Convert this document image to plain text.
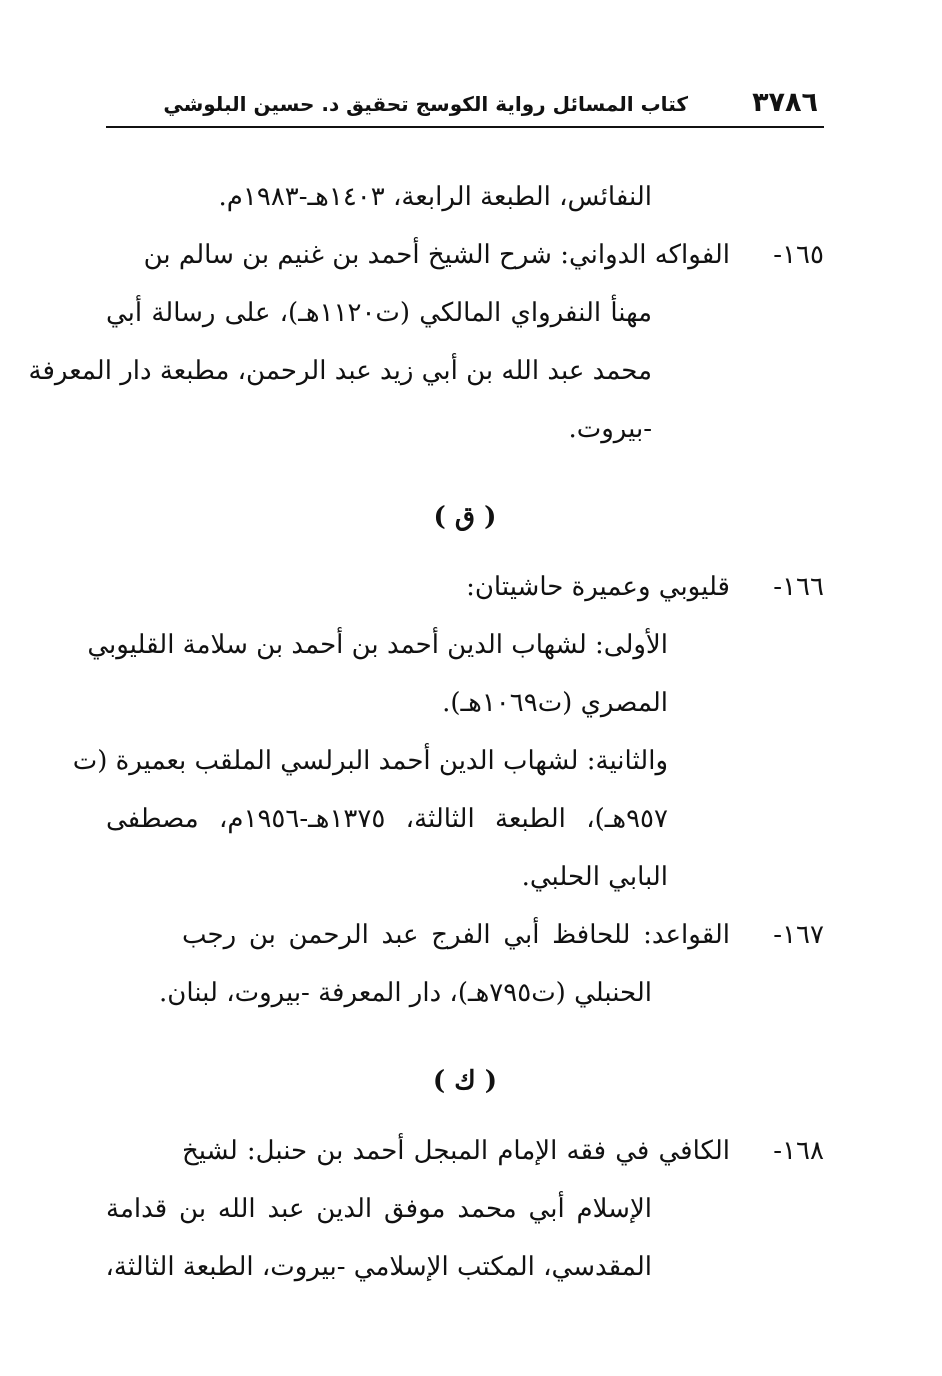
٣٧٨٦
كتاب المسائل رواية الكوسج تحقيق د. حسين البلوشي
النفائس، الطبعة الرابعة، ١٤٠٣هـ-١٩٨٣م.
١٦٥-
الفواكه الدواني: شرح الشيخ أحمد بن غنيم بن سالم بن
مهنأ النفرواي المالكي (ت١١٢٠هـ)، على رسالة أبي
محمد عبد الله بن أبي زيد عبد الرحمن، مطبعة دار المعرفة
-بيروت.
( ق )
١٦٦-
قليوبي وعميرة حاشيتان:
الأولى: لشهاب الدين أحمد بن أحمد بن سلامة القليوبي
المصري (ت١٠٦٩هـ).
والثانية: لشهاب الدين أحمد البرلسي الملقب بعميرة (ت
٩٥٧هـ)، الطبعة الثالثة، ١٣٧٥هـ-١٩٥٦م، مصطفى
البابي الحلبي.
١٦٧-
القواعد: للحافظ أبي الفرج عبد الرحمن بن رجب
الحنبلي (ت٧٩٥هـ)، دار المعرفة -بيروت، لبنان.
( ك )
١٦٨-
الكافي في فقه الإمام المبجل أحمد بن حنبل: لشيخ
الإسلام أبي محمد موفق الدين عبد الله بن قدامة
المقدسي، المكتب الإسلامي -بيروت، الطبعة الثالثة،
